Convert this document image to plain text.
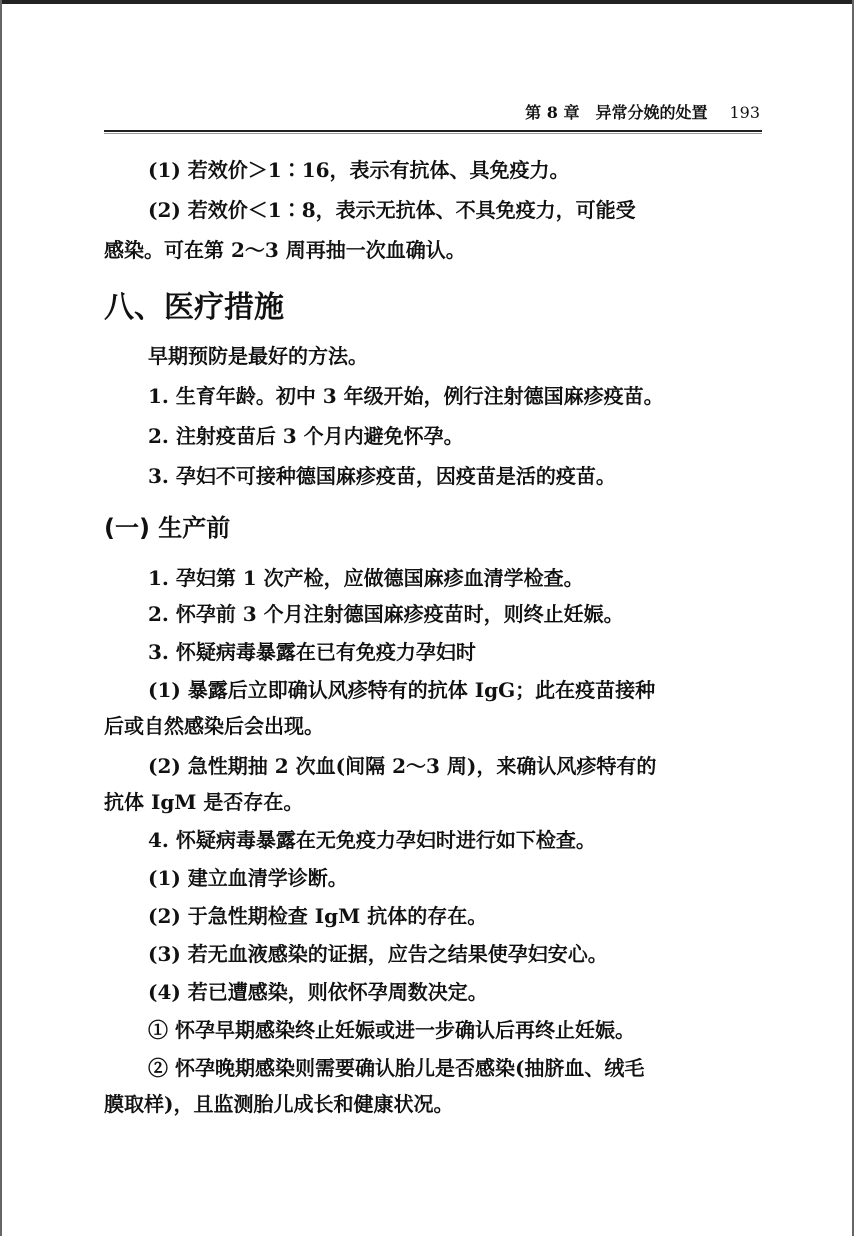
第 8 章　异常分娩的处置 193
(1) 若效价＞1∶16，表示有抗体、具免疫力。
(2) 若效价＜1∶8，表示无抗体、不具免疫力，可能受
感染。可在第 2～3 周再抽一次血确认。
八、医疗措施
早期预防是最好的方法。
1. 生育年龄。初中 3 年级开始，例行注射德国麻疹疫苗。
2. 注射疫苗后 3 个月内避免怀孕。
3. 孕妇不可接种德国麻疹疫苗，因疫苗是活的疫苗。
(一) 生产前
1. 孕妇第 1 次产检，应做德国麻疹血清学检查。
2. 怀孕前 3 个月注射德国麻疹疫苗时，则终止妊娠。
3. 怀疑病毒暴露在已有免疫力孕妇时
(1) 暴露后立即确认风疹特有的抗体 IgG；此在疫苗接种
后或自然感染后会出现。
(2) 急性期抽 2 次血(间隔 2～3 周)，来确认风疹特有的
抗体 IgM 是否存在。
4. 怀疑病毒暴露在无免疫力孕妇时进行如下检查。
(1) 建立血清学诊断。
(2) 于急性期检查 IgM 抗体的存在。
(3) 若无血液感染的证据，应告之结果使孕妇安心。
(4) 若已遭感染，则依怀孕周数决定。
① 怀孕早期感染终止妊娠或进一步确认后再终止妊娠。
② 怀孕晚期感染则需要确认胎儿是否感染(抽脐血、绒毛
膜取样)，且监测胎儿成长和健康状况。
